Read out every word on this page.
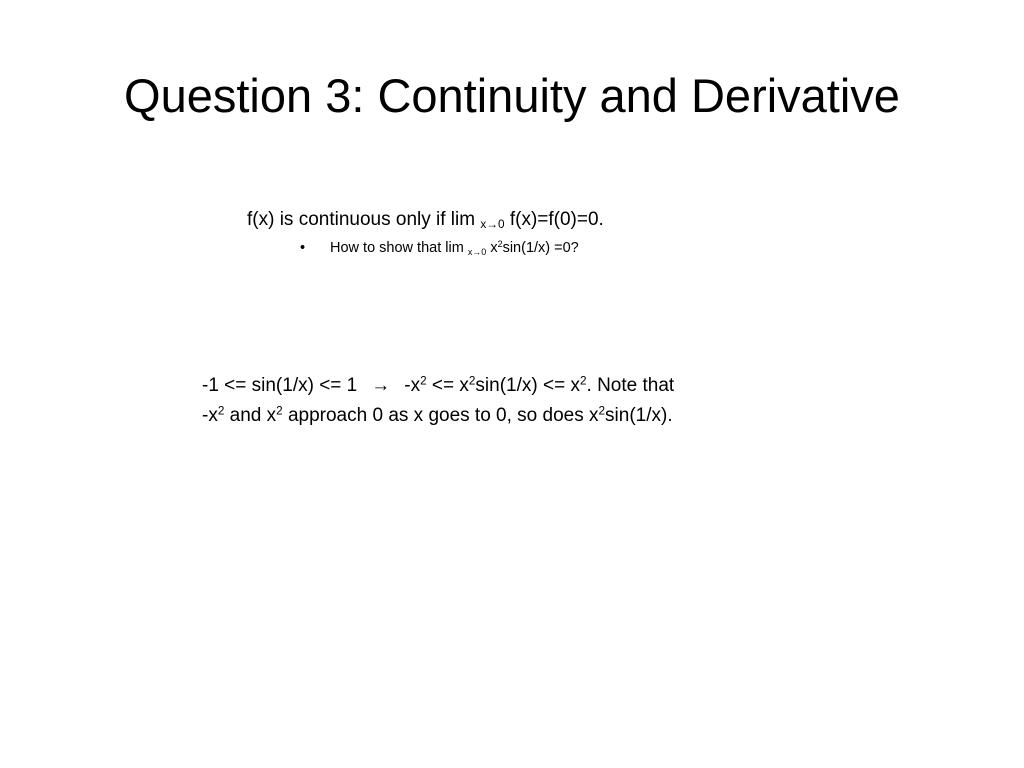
Question 3: Continuity and Derivative
f(x) is continuous only if lim $_{x\to 0}$ f(x)=f(0)=0.
• How to show that lim $_{x\to 0}$ $x^2\sin(1/x) =0$?
$-1 <= \sin(1/x) <= 1 \to -x^2 <= x^2\sin(1/x) <= x^2$. Note that
$-x^2$ and $x^2$ approach 0 as x goes to 0, so does $x^2\sin(1/x)$.
